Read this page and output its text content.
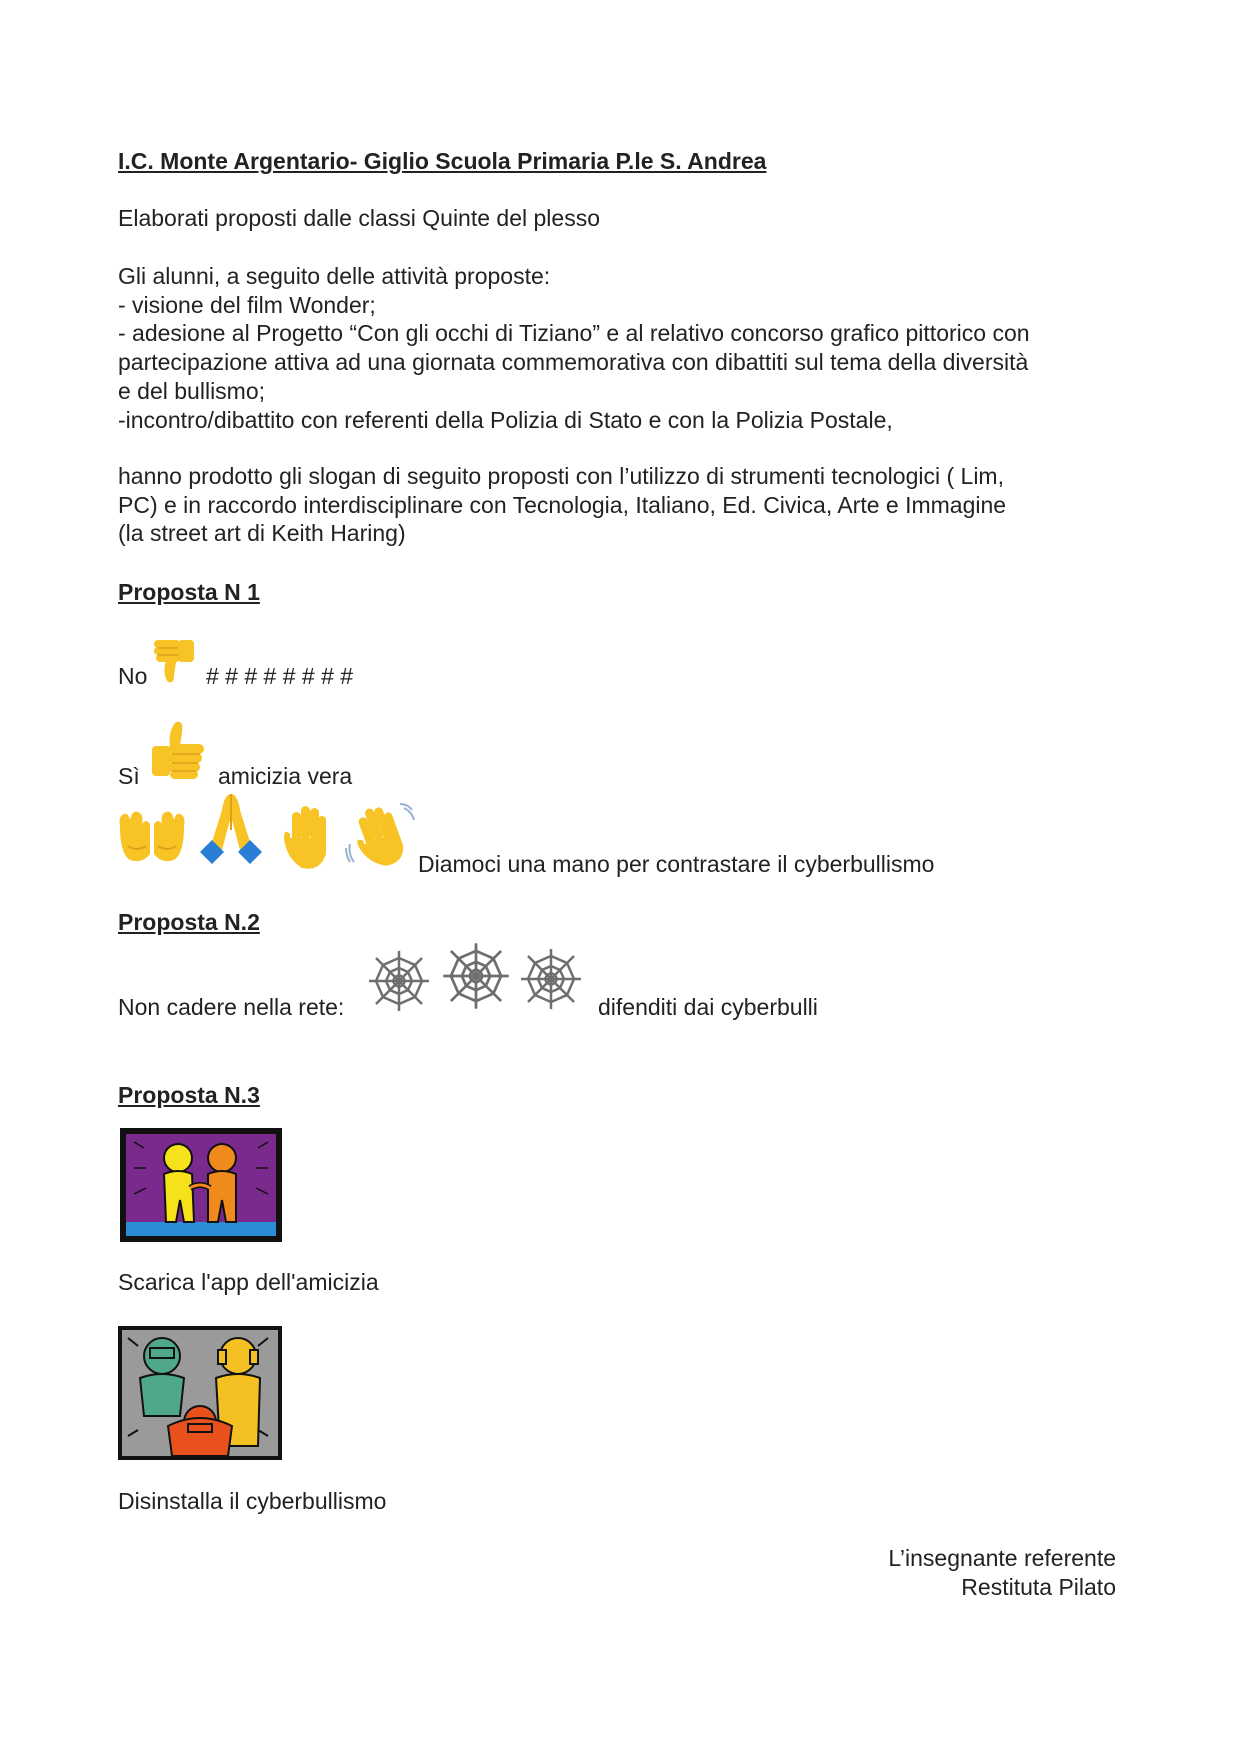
I.C. Monte Argentario- Giglio Scuola Primaria P.le S. Andrea
Elaborati proposti dalle classi Quinte del plesso
Gli alunni, a seguito delle attività proposte:
- visione del film Wonder;
- adesione al Progetto “Con gli occhi di Tiziano” e al relativo concorso grafico pittorico con
partecipazione attiva ad una giornata commemorativa con dibattiti sul tema della diversità
e del bullismo;
-incontro/dibattito con referenti della Polizia di Stato e con la Polizia Postale,
hanno prodotto gli slogan di seguito proposti con l’utilizzo di strumenti tecnologici ( Lim,
PC) e in raccordo interdisciplinare con Tecnologia, Italiano, Ed. Civica, Arte e Immagine
(la street art di Keith Haring)
Proposta N 1
No	# # # # # # # #
Sì	amicizia vera
Diamoci una mano per contrastare il cyberbullismo
Proposta N.2
Non cadere nella rete:	difenditi dai cyberbulli
Proposta N.3
Scarica l'app dell'amicizia
Disinstalla il cyberbullismo
L’insegnante referente
Restituta Pilato
